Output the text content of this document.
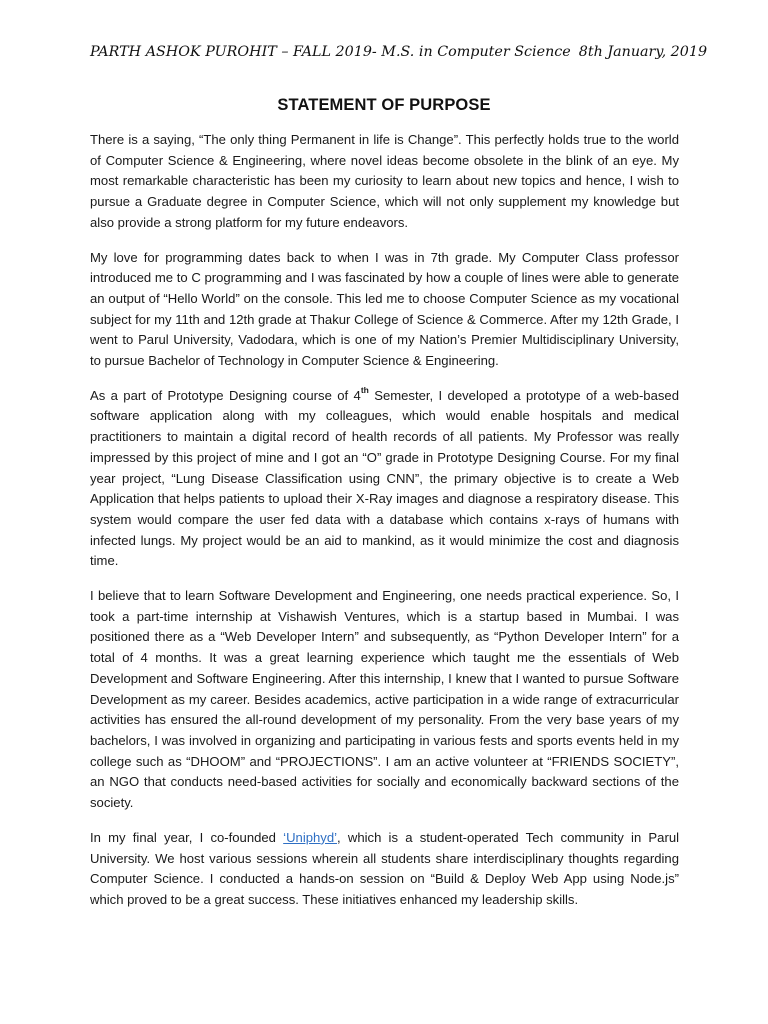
PARTH ASHOK PUROHIT – FALL 2019- M.S. in Computer Science 8th January, 2019
STATEMENT OF PURPOSE

There is a saying, “The only thing Permanent in life is Change”. This perfectly holds true to the world of Computer Science & Engineering, where novel ideas become obsolete in the blink of an eye. My most remarkable characteristic has been my curiosity to learn about new topics and hence, I wish to pursue a Graduate degree in Computer Science, which will not only supplement my knowledge but also provide a strong platform for my future endeavors.

My love for programming dates back to when I was in 7th grade. My Computer Class professor introduced me to C programming and I was fascinated by how a couple of lines were able to generate an output of “Hello World” on the console. This led me to choose Computer Science as my vocational subject for my 11th and 12th grade at Thakur College of Science & Commerce. After my 12th Grade, I went to Parul University, Vadodara, which is one of my Nation’s Premier Multidisciplinary University, to pursue Bachelor of Technology in Computer Science & Engineering.

As a part of Prototype Designing course of 4th Semester, I developed a prototype of a web-based software application along with my colleagues, which would enable hospitals and medical practitioners to maintain a digital record of health records of all patients. My Professor was really impressed by this project of mine and I got an “O” grade in Prototype Designing Course. For my final year project, “Lung Disease Classification using CNN”, the primary objective is to create a Web Application that helps patients to upload their X-Ray images and diagnose a respiratory disease. This system would compare the user fed data with a database which contains x-rays of humans with infected lungs. My project would be an aid to mankind, as it would minimize the cost and diagnosis time.

I believe that to learn Software Development and Engineering, one needs practical experience. So, I took a part-time internship at Vishawish Ventures, which is a startup based in Mumbai. I was positioned there as a “Web Developer Intern” and subsequently, as “Python Developer Intern” for a total of 4 months. It was a great learning experience which taught me the essentials of Web Development and Software Engineering. After this internship, I knew that I wanted to pursue Software Development as my career. Besides academics, active participation in a wide range of extracurricular activities has ensured the all-round development of my personality. From the very base years of my bachelors, I was involved in organizing and participating in various fests and sports events held in my college such as “DHOOM” and “PROJECTIONS”. I am an active volunteer at “FRIENDS SOCIETY”, an NGO that conducts need-based activities for socially and economically backward sections of the society.

In my final year, I co-founded ‘Uniphyd’, which is a student-operated Tech community in Parul University. We host various sessions wherein all students share interdisciplinary thoughts regarding Computer Science. I conducted a hands-on session on “Build & Deploy Web App using Node.js” which proved to be a great success. These initiatives enhanced my leadership skills.
